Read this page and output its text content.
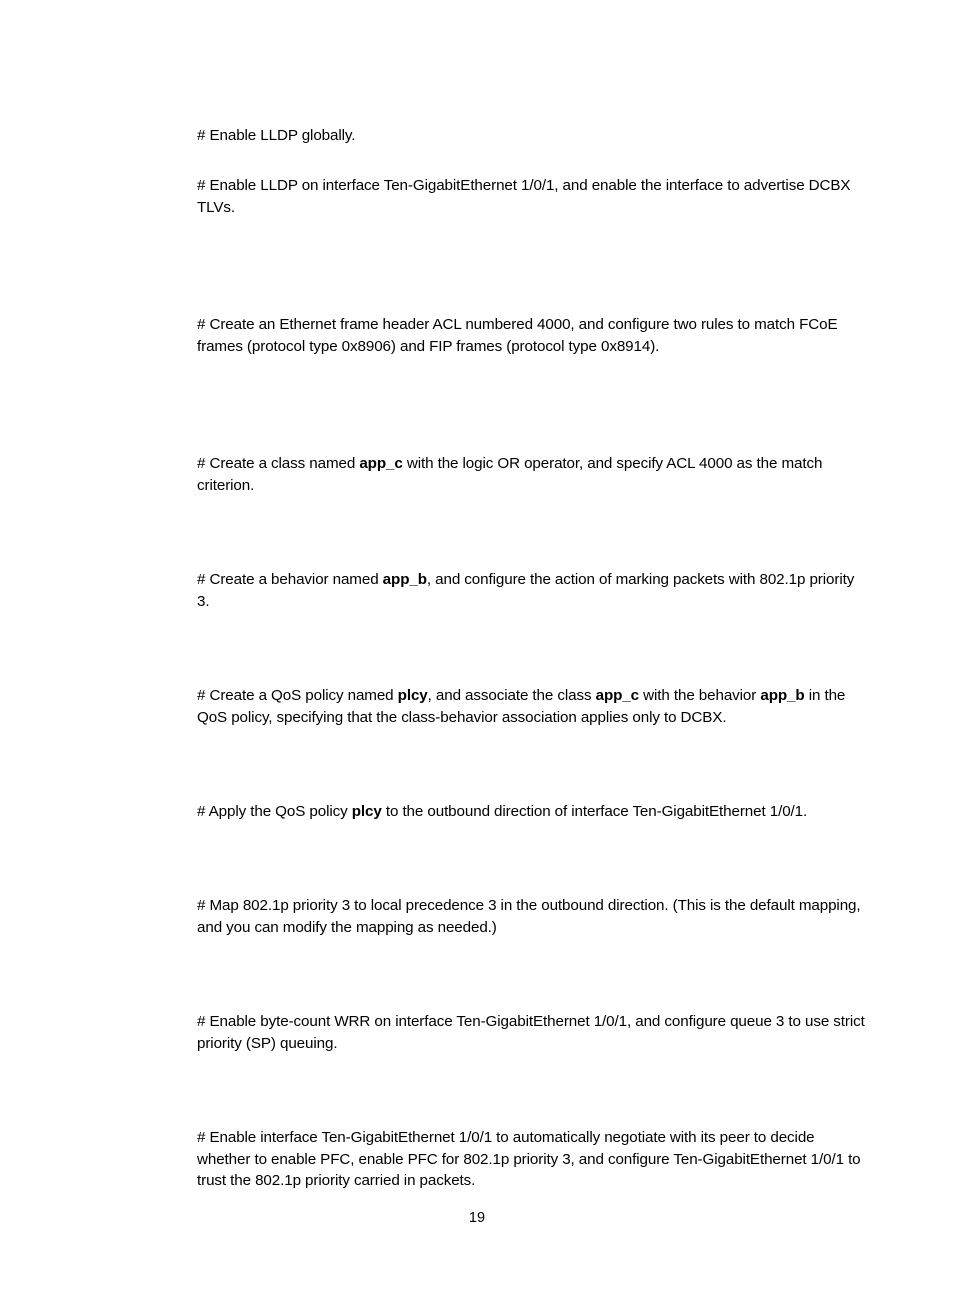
# Enable LLDP globally.

# Enable LLDP on interface Ten-GigabitEthernet 1/0/1, and enable the interface to advertise DCBX TLVs.

# Create an Ethernet frame header ACL numbered 4000, and configure two rules to match FCoE frames (protocol type 0x8906) and FIP frames (protocol type 0x8914).

# Create a class named app_c with the logic OR operator, and specify ACL 4000 as the match criterion.

# Create a behavior named app_b, and configure the action of marking packets with 802.1p priority 3.

# Create a QoS policy named plcy, and associate the class app_c with the behavior app_b in the QoS policy, specifying that the class-behavior association applies only to DCBX.

# Apply the QoS policy plcy to the outbound direction of interface Ten-GigabitEthernet 1/0/1.

# Map 802.1p priority 3 to local precedence 3 in the outbound direction. (This is the default mapping, and you can modify the mapping as needed.)

# Enable byte-count WRR on interface Ten-GigabitEthernet 1/0/1, and configure queue 3 to use strict priority (SP) queuing.

# Enable interface Ten-GigabitEthernet 1/0/1 to automatically negotiate with its peer to decide whether to enable PFC, enable PFC for 802.1p priority 3, and configure Ten-GigabitEthernet 1/0/1 to trust the 802.1p priority carried in packets.

19
